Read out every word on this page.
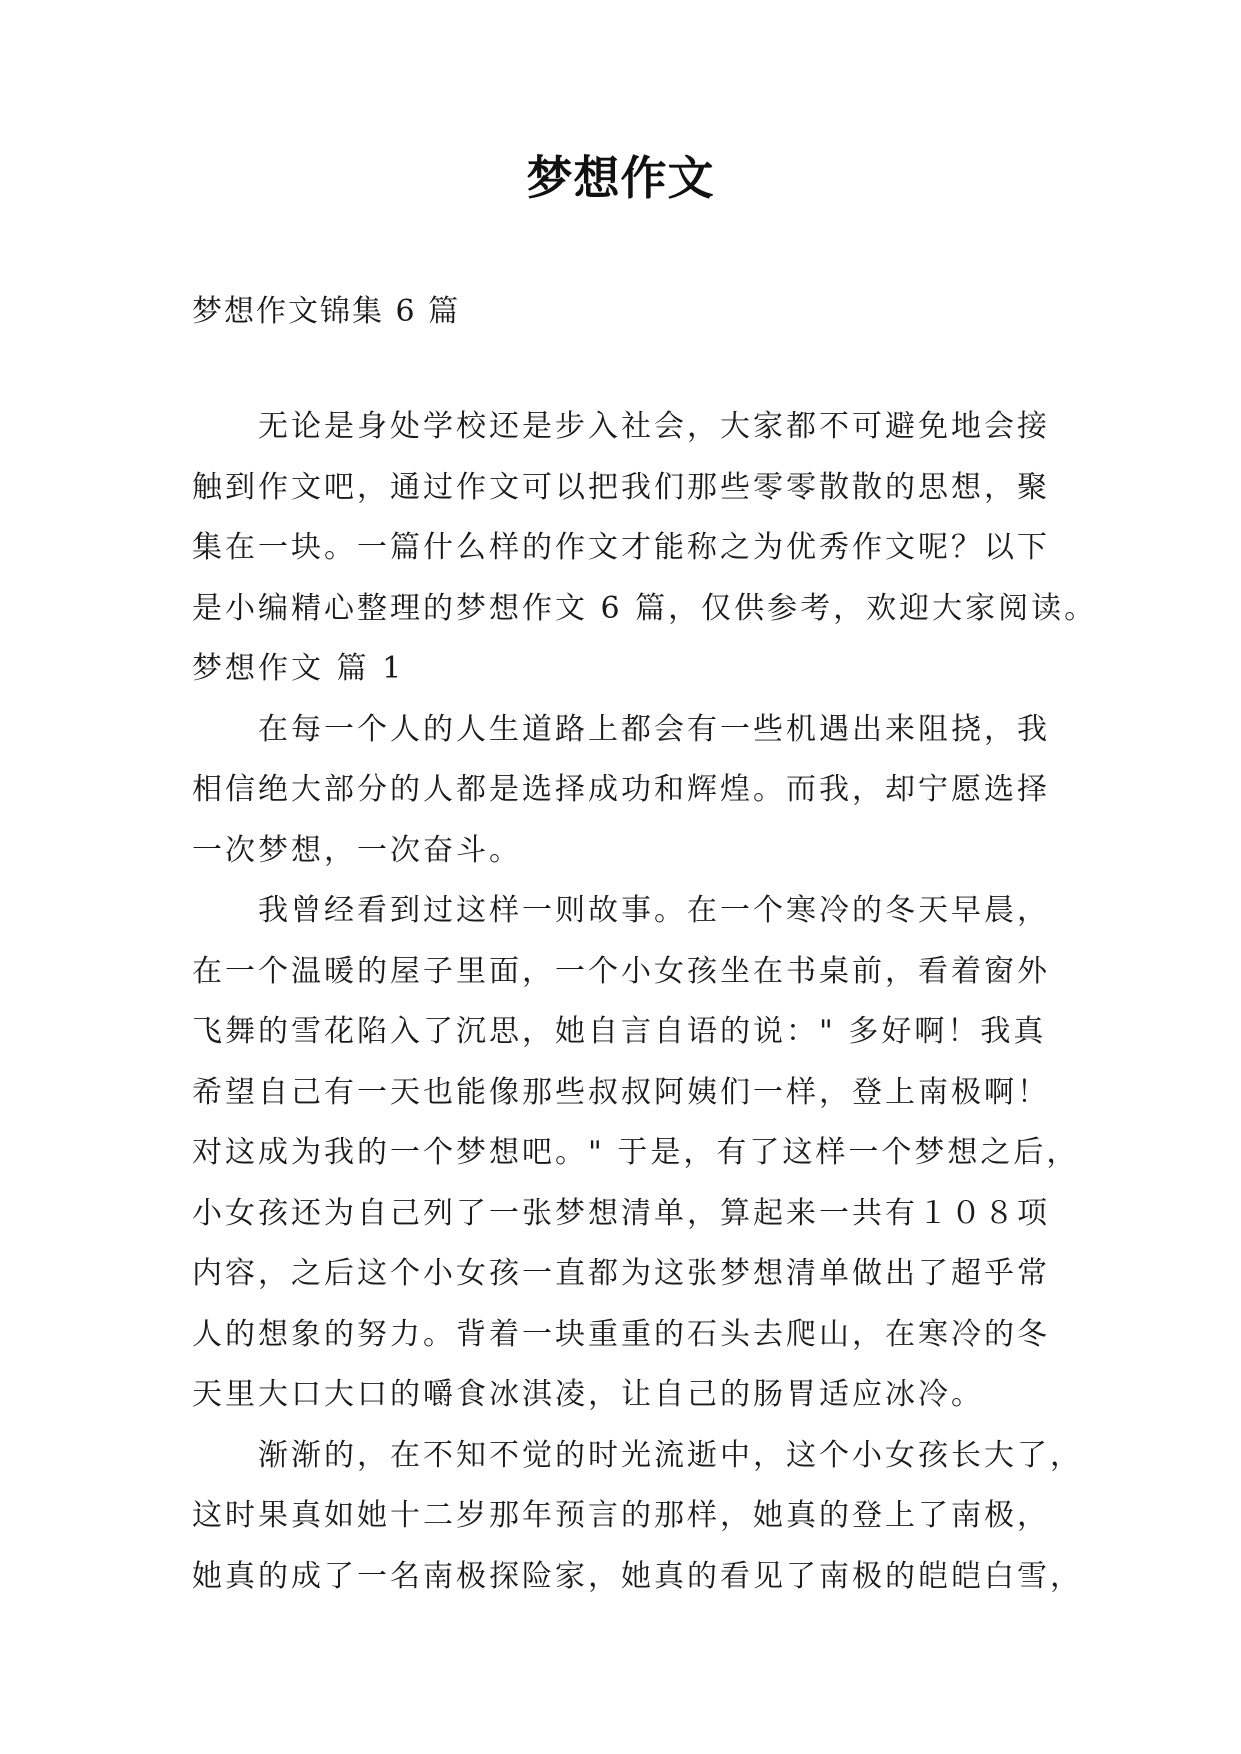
梦想作文
梦想作文锦集 6 篇
无论是身处学校还是步入社会，大家都不可避免地会接
触到作文吧，通过作文可以把我们那些零零散散的思想，聚
集在一块。一篇什么样的作文才能称之为优秀作文呢？以下
是小编精心整理的梦想作文 6 篇，仅供参考，欢迎大家阅读。
梦想作文 篇 1
在每一个人的人生道路上都会有一些机遇出来阻挠，我
相信绝大部分的人都是选择成功和辉煌。而我，却宁愿选择
一次梦想，一次奋斗。
我曾经看到过这样一则故事。在一个寒冷的冬天早晨，
在一个温暖的屋子里面，一个小女孩坐在书桌前，看着窗外
飞舞的雪花陷入了沉思，她自言自语的说：" 多好啊！我真
希望自己有一天也能像那些叔叔阿姨们一样，登上南极啊！
对这成为我的一个梦想吧。" 于是，有了这样一个梦想之后，
小女孩还为自己列了一张梦想清单，算起来一共有１０８项
内容，之后这个小女孩一直都为这张梦想清单做出了超乎常
人的想象的努力。背着一块重重的石头去爬山，在寒冷的冬
天里大口大口的嚼食冰淇凌，让自己的肠胃适应冰冷。
渐渐的，在不知不觉的时光流逝中，这个小女孩长大了，
这时果真如她十二岁那年预言的那样，她真的登上了南极，
她真的成了一名南极探险家，她真的看见了南极的皑皑白雪，
